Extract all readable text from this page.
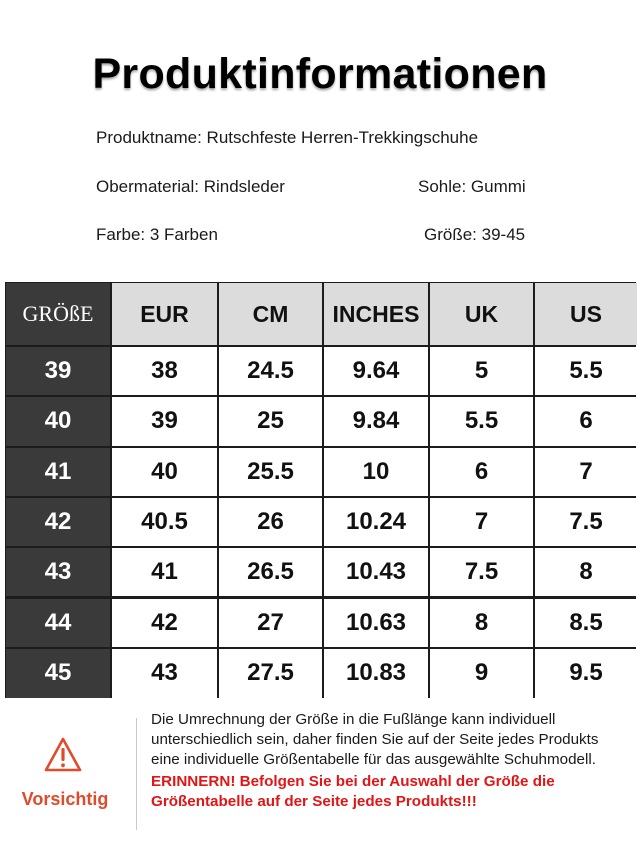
Produktinformationen
Produktname: Rutschfeste Herren-Trekkingschuhe
Obermaterial: Rindsleder	Sohle: Gummi
Farbe: 3 Farben	Größe: 39-45
GRÖßE	EUR	CM	INCHES	UK	US
39	38	24.5	9.64	5	5.5
40	39	25	9.84	5.5	6
41	40	25.5	10	6	7
42	40.5	26	10.24	7	7.5
43	41	26.5	10.43	7.5	8
44	42	27	10.63	8	8.5
45	43	27.5	10.83	9	9.5
Vorsichtig
Die Umrechnung der Größe in die Fußlänge kann individuell unterschiedlich sein, daher finden Sie auf der Seite jedes Produkts eine individuelle Größentabelle für das ausgewählte Schuhmodell.
ERINNERN! Befolgen Sie bei der Auswahl der Größe die Größentabelle auf der Seite jedes Produkts!!!
